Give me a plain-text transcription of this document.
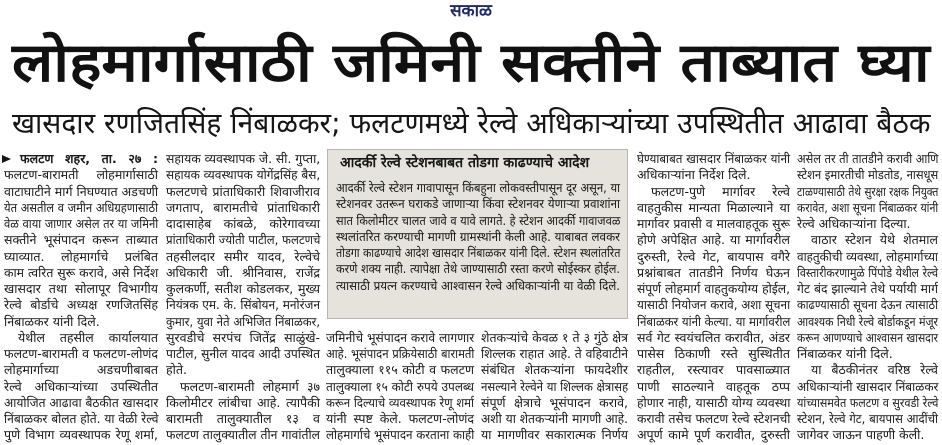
सकाळ
लोहमार्गासाठी जमिनी सक्तीने ताब्यात घ्या
खासदार रणजितसिंह निंबाळकर; फलटणमध्ये रेल्वे अधिकाऱ्यांच्या उपस्थितीत आढावा बैठक
फलटण शहर, ता. २७ :
फलटण-बारामती लोहमार्गासाठी
वाटाघाटीने मार्ग निघण्यात अडचणी
येत असतील व जमीन अधिग्रहणासाठी
वेळ वाया जाणार असेल तर या जमिनी
सक्तीने भूसंपादन करून ताब्यात
घ्याव्यात. लोहमार्गाचे प्रलंबित
काम त्वरित सुरू करावे, असे निर्देश
खासदार तथा सोलापूर विभागीय
रेल्वे बोर्डाचे अध्यक्ष रणजितसिंह
निंबाळकर यांनी दिले.
येथील तहसील कार्यालयात
फलटण-बारामती व फलटण-लोणंद
लोहमार्गाच्या अडचणीबाबत
रेल्वे अधिकाऱ्यांच्या उपस्थितीत
आयोजित आढावा बैठकीत खासदार
निंबाळकर बोलत होते. या वेळी रेल्वे
पुणे विभाग व्यवस्थापक रेणू शर्मा,
सहायक व्यवस्थापक जे. सी. गुप्ता,
सहायक व्यवस्थापक योगेंद्रसिंह बैस,
फलटणचे प्रांताधिकारी शिवाजीराव
जगताप, बारामतीचे प्रांताधिकारी
दादासाहेब कांबळे, कोरेगावच्या
प्रांताधिकारी ज्योती पाटील, फलटणचे
तहसीलदार समीर यादव, रेल्वेचे
अधिकारी जी. श्रीनिवास, राजेंद्र
कुलकर्णी, सतीश कोडलकर, मुख्य
नियंत्रक एम. के. सिंबोयन, मनोरंजन
कुमार, युवा नेते अभिजित निंबाळकर,
सुरवडीचे सरपंच जितेंद्र साळुंखे-
पाटील, सुनील यादव आदी उपस्थित
होते.
फलटण-बारामती लोहमार्ग ३७
किलोमीटर लांबीचा आहे. त्यापैकी
बारामती तालुक्यातील १३ व
फलटण तालुक्यातील तीन गावांतील
आदर्की रेल्वे स्टेशनबाबत तोडगा काढण्याचे आदेश
आदर्की रेल्वे स्टेशन गावापासून किंबहुना लोकवस्तीपासून दूर असून, या
स्टेशनवर उतरून घराकडे जाणाऱ्या किंवा स्टेशनवर येणाऱ्या प्रवाशांना
सात किलोमीटर चालत जावे व यावे लागते. हे स्टेशन आदर्की गावाजवळ
स्थलांतरित करण्याची मागणी ग्रामस्थांनी केली आहे. याबाबत लवकर
तोडगा काढण्याचे आदेश खासदार निंबाळकर यांनी दिले. स्टेशन स्थलांतरित
करणे शक्य नाही. त्यापेक्षा तेथे जाण्यासाठी रस्ता करणे सोईस्कर होईल.
त्यासाठी प्रयत्न करण्याचे आश्वासन रेल्वे अधिकाऱ्यांनी या वेळी दिले.
जमिनीचे भूसंपादन करावे लागणार
आहे. भूसंपादन प्रक्रियेसाठी बारामती
तालुक्याला ११५ कोटी व फलटण
तालुक्याला १५ कोटी रुपये उपलब्ध
करून दिल्याचे व्यवस्थापक रेणू शर्मा
यांनी स्पष्ट केले. फलटण-लोणंद
लोहमार्गाचे भूसंपादन करताना काही
शेतकऱ्यांचे केवळ १ ते ३ गुंठे क्षेत्र
शिल्लक राहात आहे. ते वहिवाटीने
संबंधित शेतकऱ्यांना फायदेशीर
नसल्याने रेल्वेने या शिल्लक क्षेत्रासह
संपूर्ण क्षेत्राचे भूसंपादन करावे,
अशी या शेतकऱ्यांनी मागणी आहे.
या मागणीवर सकारात्मक निर्णय
घेण्याबाबत खासदार निंबाळकर यांनी
अधिकाऱ्यांना निर्देश दिले.
फलटण-पुणे मार्गावर रेल्वे
वाहतुकीस मान्यता मिळाल्याने या
मार्गावर प्रवासी व मालवाहतूक सुरू
होणे अपेक्षित आहे. या मार्गावरील
दुरुस्ती, रेल्वे गेट, बायपास वगैरे
प्रश्नांबाबत तातडीने निर्णय घेऊन
संपूर्ण लोहमार्ग वाहतुकयोग्य होईल,
यासाठी नियोजन करावे, अशा सूचना
निंबाळकर यांनी केल्या. या मार्गावरील
सर्व गेट स्वयंचलित करावीत, अंडर
पासेस ठिकाणी रस्ते सुस्थितीत
राहतील, रस्त्यावर पावसाळ्यात
पाणी साठल्याने वाहतूक ठप्प
होणार नाही, यासाठी योग्य व्यवस्था
करावी तसेच फलटण रेल्वे स्टेशनची
अपूर्ण कामे पूर्ण करावीत, दुरुस्ती
असेल तर ती तातडीने करावी आणि
स्टेशन इमारतीची मोडतोड, नासधूस
टाळण्यासाठी तेथे सुरक्षा रक्षक नियुक्त
करावेत, अशा सूचना निंबाळकर यांनी
रेल्वे अधिकाऱ्यांना दिल्या.
वाठार स्टेशन येथे शेतमाल
वाहतुकीची व्यवस्था, लोहमार्गाच्या
विस्तारीकरणामुळे पिंपोडे येथील रेल्वे
गेट बंद झाल्याने तेथे पर्यायी मार्ग
काढण्यासाठी सूचना देऊन त्यासाठी
आवश्यक निधी रेल्वे बोर्डाकडून मंजूर
करून आणण्याचे आश्वासन खासदार
निंबाळकर यांनी दिले.
या बैठकीनंतर वरिष्ठ रेल्वे
अधिकाऱ्यांनी खासदार निंबाळकर
यांच्यासमवेत फलटण व सुरवडी रेल्वे
स्टेशन, रेल्वे गेट, बायपास आदींची
जागेवर जाऊन पाहणी केली.
